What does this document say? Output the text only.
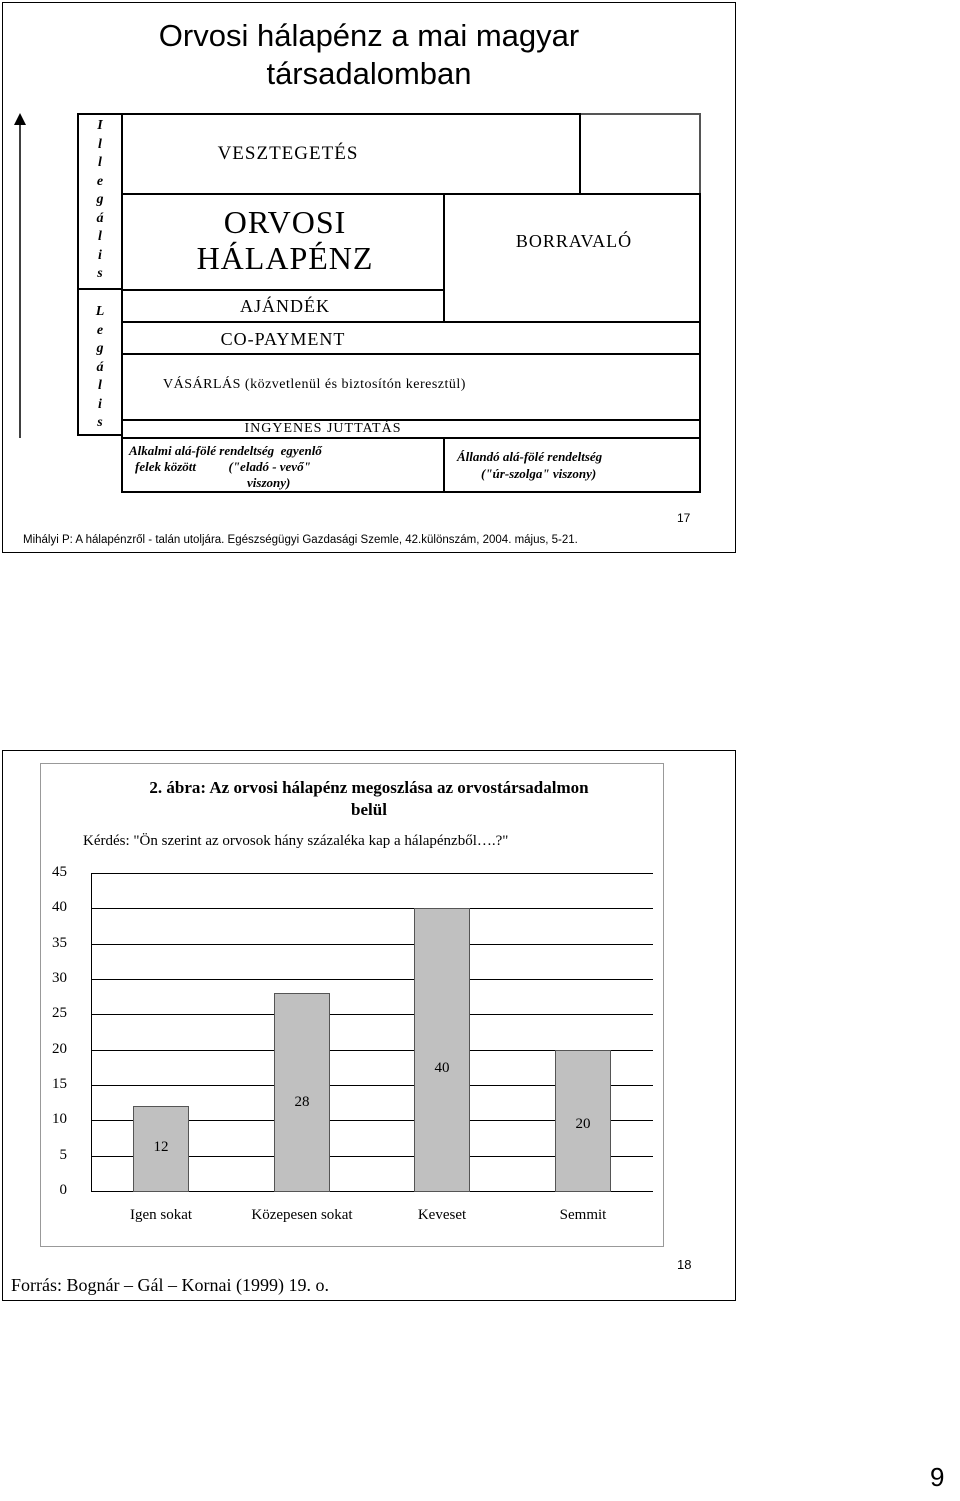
Orvosi hálapénz a mai magyar
társadalomban
I
l
l
e
g
á
l
i
s
L
e
g
á
l
i
s
VESZTEGETÉS
ORVOSI
HÁLAPÉNZ	BORRAVALÓ
AJÁNDÉK
CO-PAYMENT
VÁSÁRLÁS (közvetlenül és biztosítón keresztül)
INGYENES JUTTATÁS
Alkalmi alá-fölé rendeltség  egyenlő
felek között          ("eladó - vevő"
viszony)
Állandó alá-fölé rendeltség
("úr-szolga" viszony)
17
Mihályi P: A hálapénzről - talán utoljára. Egészségügyi Gazdasági Szemle, 42.különszám, 2004. május, 5-21.
2. ábra: Az orvosi hálapénz megoszlása az orvostársadalmon
belül
Kérdés: "Ön szerint az orvosok hány százaléka kap a hálapénzből….?"
0
5
10
15
20
25
30
35
40
45
12
Igen sokat
28
Közepesen sokat
40
Keveset
20
Semmit
18
Forrás: Bognár – Gál – Kornai (1999) 19. o.
9
